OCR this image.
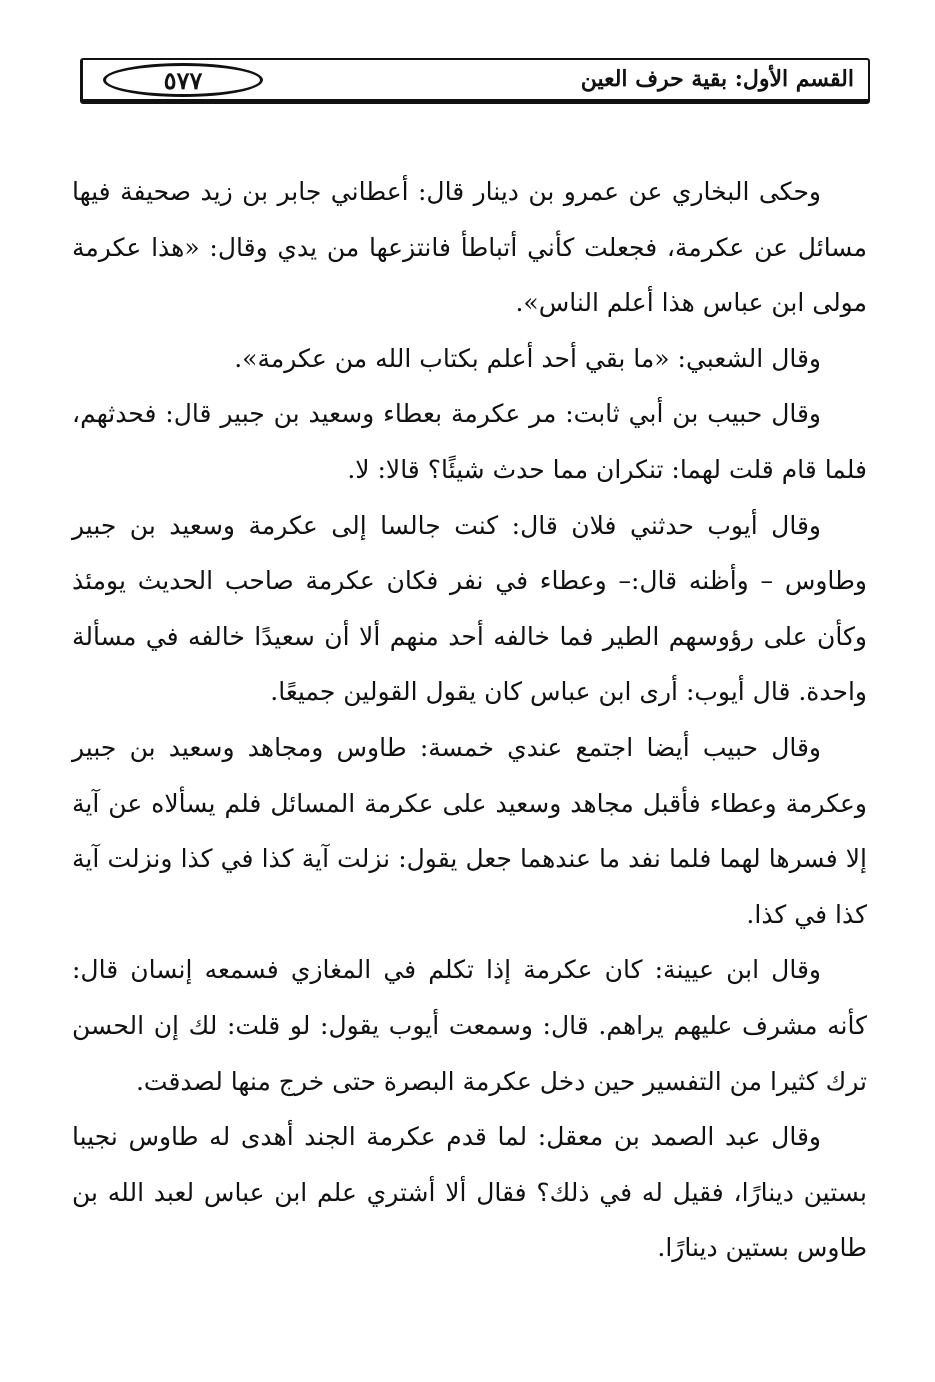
٥٧٧	القسم الأول: بقية حرف العين

وحكى البخاري عن عمرو بن دينار قال: أعطاني جابر بن زيد صحيفة فيها مسائل عن عكرمة، فجعلت كأني أتباطأ فانتزعها من يدي وقال: «هذا عكرمة مولى ابن عباس هذا أعلم الناس».

وقال الشعبي: «ما بقي أحد أعلم بكتاب الله من عكرمة».

وقال حبيب بن أبي ثابت: مر عكرمة بعطاء وسعيد بن جبير قال: فحدثهم، فلما قام قلت لهما: تنكران مما حدث شيئًا؟ قالا: لا.

وقال أيوب حدثني فلان قال: كنت جالسا إلى عكرمة وسعيد بن جبير وطاوس – وأظنه قال:– وعطاء في نفر فكان عكرمة صاحب الحديث يومئذ وكأن على رؤوسهم الطير فما خالفه أحد منهم ألا أن سعيدًا خالفه في مسألة واحدة. قال أيوب: أرى ابن عباس كان يقول القولين جميعًا.

وقال حبيب أيضا اجتمع عندي خمسة: طاوس ومجاهد وسعيد بن جبير وعكرمة وعطاء فأقبل مجاهد وسعيد على عكرمة المسائل فلم يسألاه عن آية إلا فسرها لهما فلما نفد ما عندهما جعل يقول: نزلت آية كذا في كذا ونزلت آية كذا في كذا.

وقال ابن عيينة: كان عكرمة إذا تكلم في المغازي فسمعه إنسان قال: كأنه مشرف عليهم يراهم. قال: وسمعت أيوب يقول: لو قلت: لك إن الحسن ترك كثيرا من التفسير حين دخل عكرمة البصرة حتى خرج منها لصدقت.

وقال عبد الصمد بن معقل: لما قدم عكرمة الجند أهدى له طاوس نجيبا بستين دينارًا، فقيل له في ذلك؟ فقال ألا أشتري علم ابن عباس لعبد الله بن طاوس بستين دينارًا.
